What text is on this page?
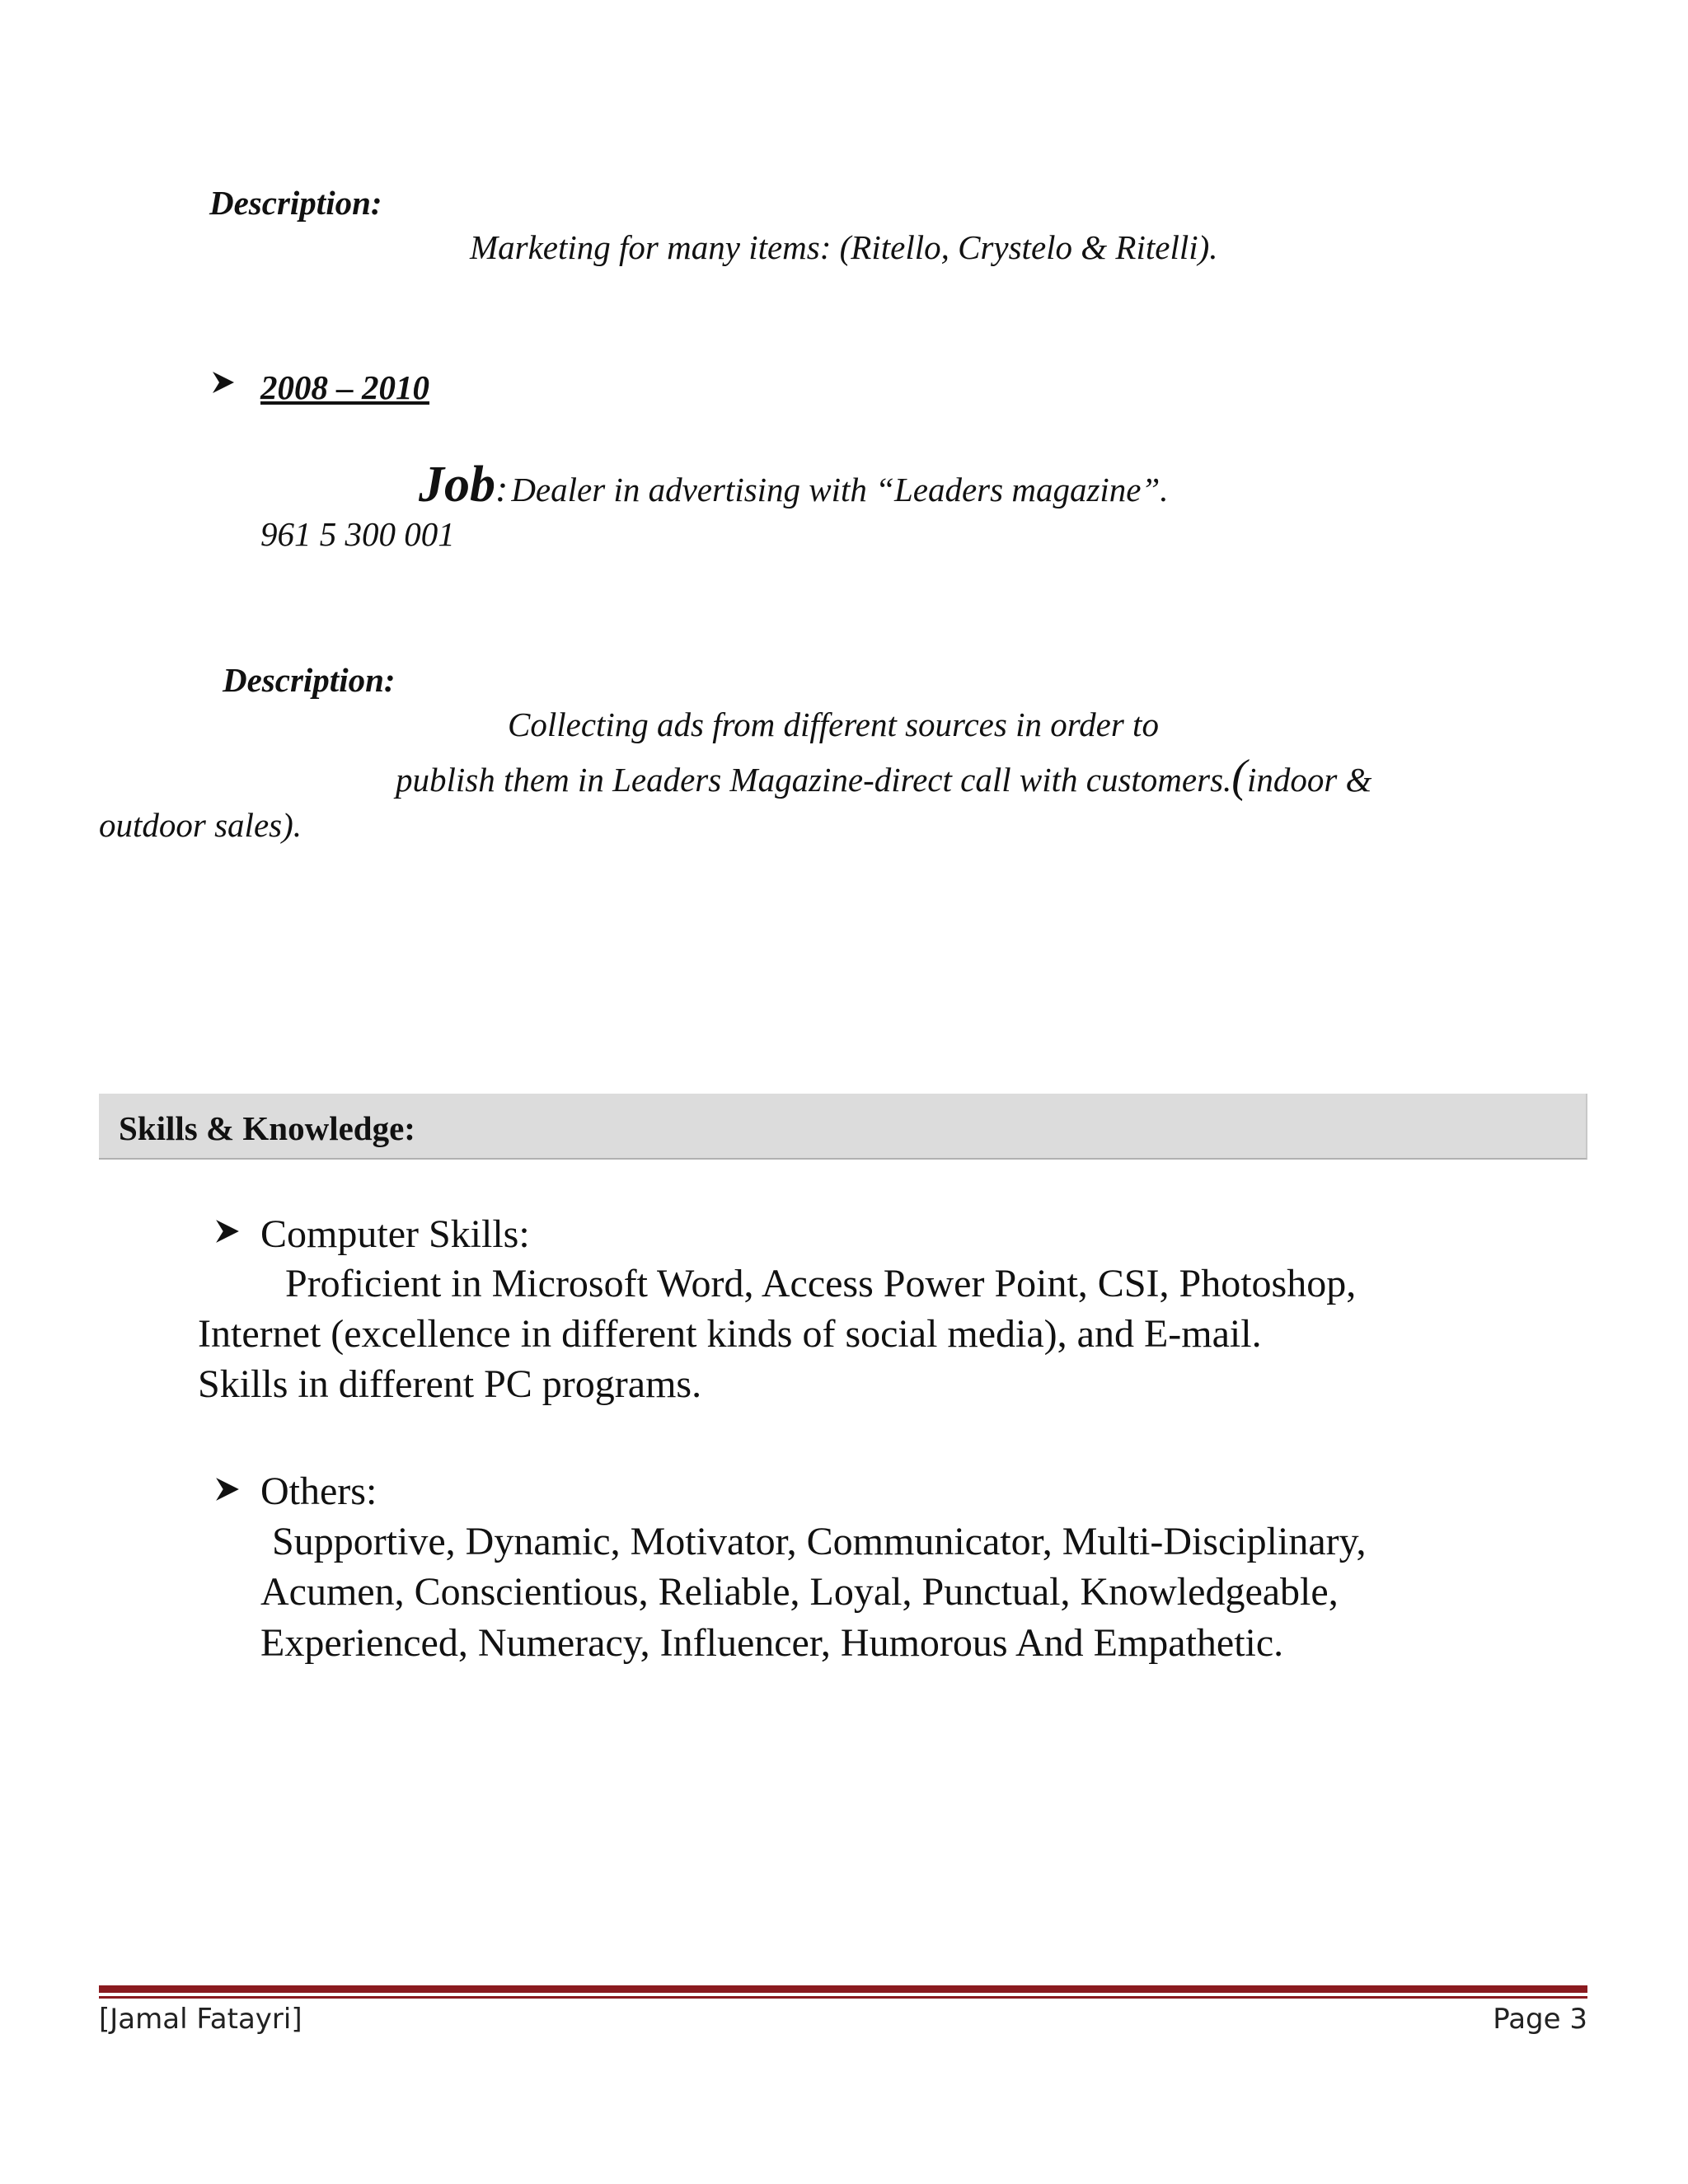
Description:
Marketing for many items: (Ritello, Crystelo & Ritelli).
2008 – 2010
Job: Dealer in advertising with “Leaders magazine”.
961 5 300 001
Description:
Collecting ads from different sources in order to
publish them in Leaders Magazine-direct call with customers.(indoor &
outdoor sales).
Skills & Knowledge:
Computer Skills:
Proficient in Microsoft Word, Access Power Point, CSI, Photoshop,
Internet (excellence in different kinds of social media), and E-mail.
Skills in different PC programs.
Others:
Supportive, Dynamic, Motivator, Communicator, Multi-Disciplinary,
Acumen, Conscientious, Reliable, Loyal, Punctual, Knowledgeable,
Experienced, Numeracy, Influencer, Humorous And Empathetic.
[Jamal Fatayri]	Page 3
